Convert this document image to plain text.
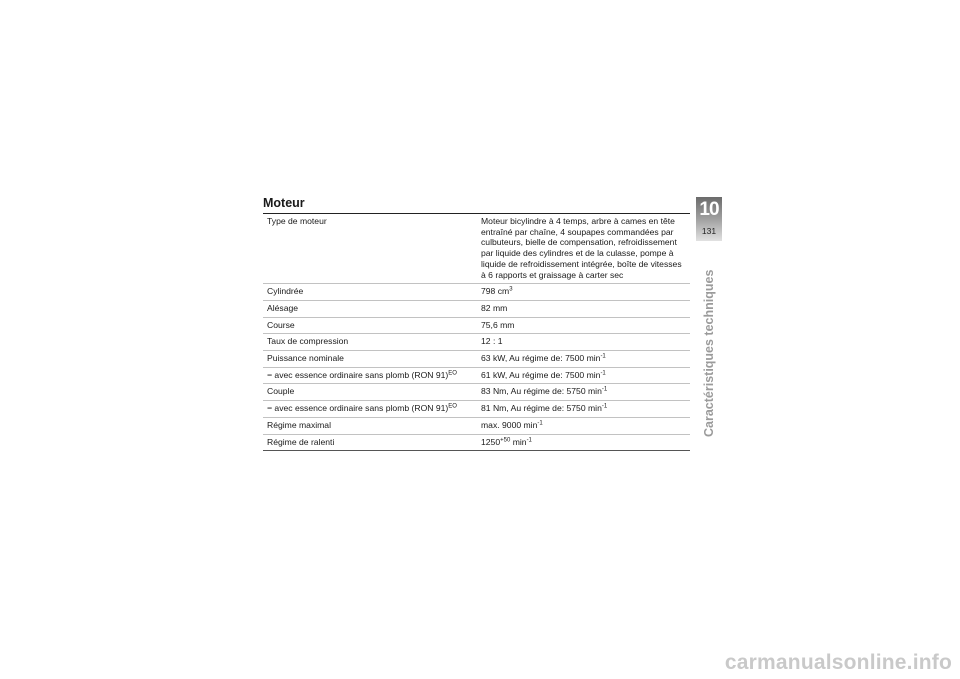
Moteur
Type de moteur	Moteur bicylindre à 4 temps, arbre à cames en tête entraîné par chaîne, 4 soupapes commandées par culbuteurs, bielle de compensation, refroidissement par liquide des cylindres et de la culasse, pompe à liquide de refroidissement intégrée, boîte de vitesses à 6 rapports et graissage à carter sec
Cylindrée	798 $cm^3$
Alésage	82 mm
Course	75,6 mm
Taux de compression	12 : 1
Puissance nominale	63 kW, Au régime de: 7500 $\min^{-1}$
− avec essence ordinaire sans plomb (RON 91)$^{EO}$	61 kW, Au régime de: 7500 $\min^{-1}$
Couple	83 Nm, Au régime de: 5750 $\min^{-1}$
− avec essence ordinaire sans plomb (RON 91)$^{EO}$	81 Nm, Au régime de: 5750 $\min^{-1}$
Régime maximal	max. 9000 $\min^{-1}$
Régime de ralenti	$1250^{+50}$ $\min^{-1}$
10
131

Caractéristiques techniques

carmanualsonline.info
